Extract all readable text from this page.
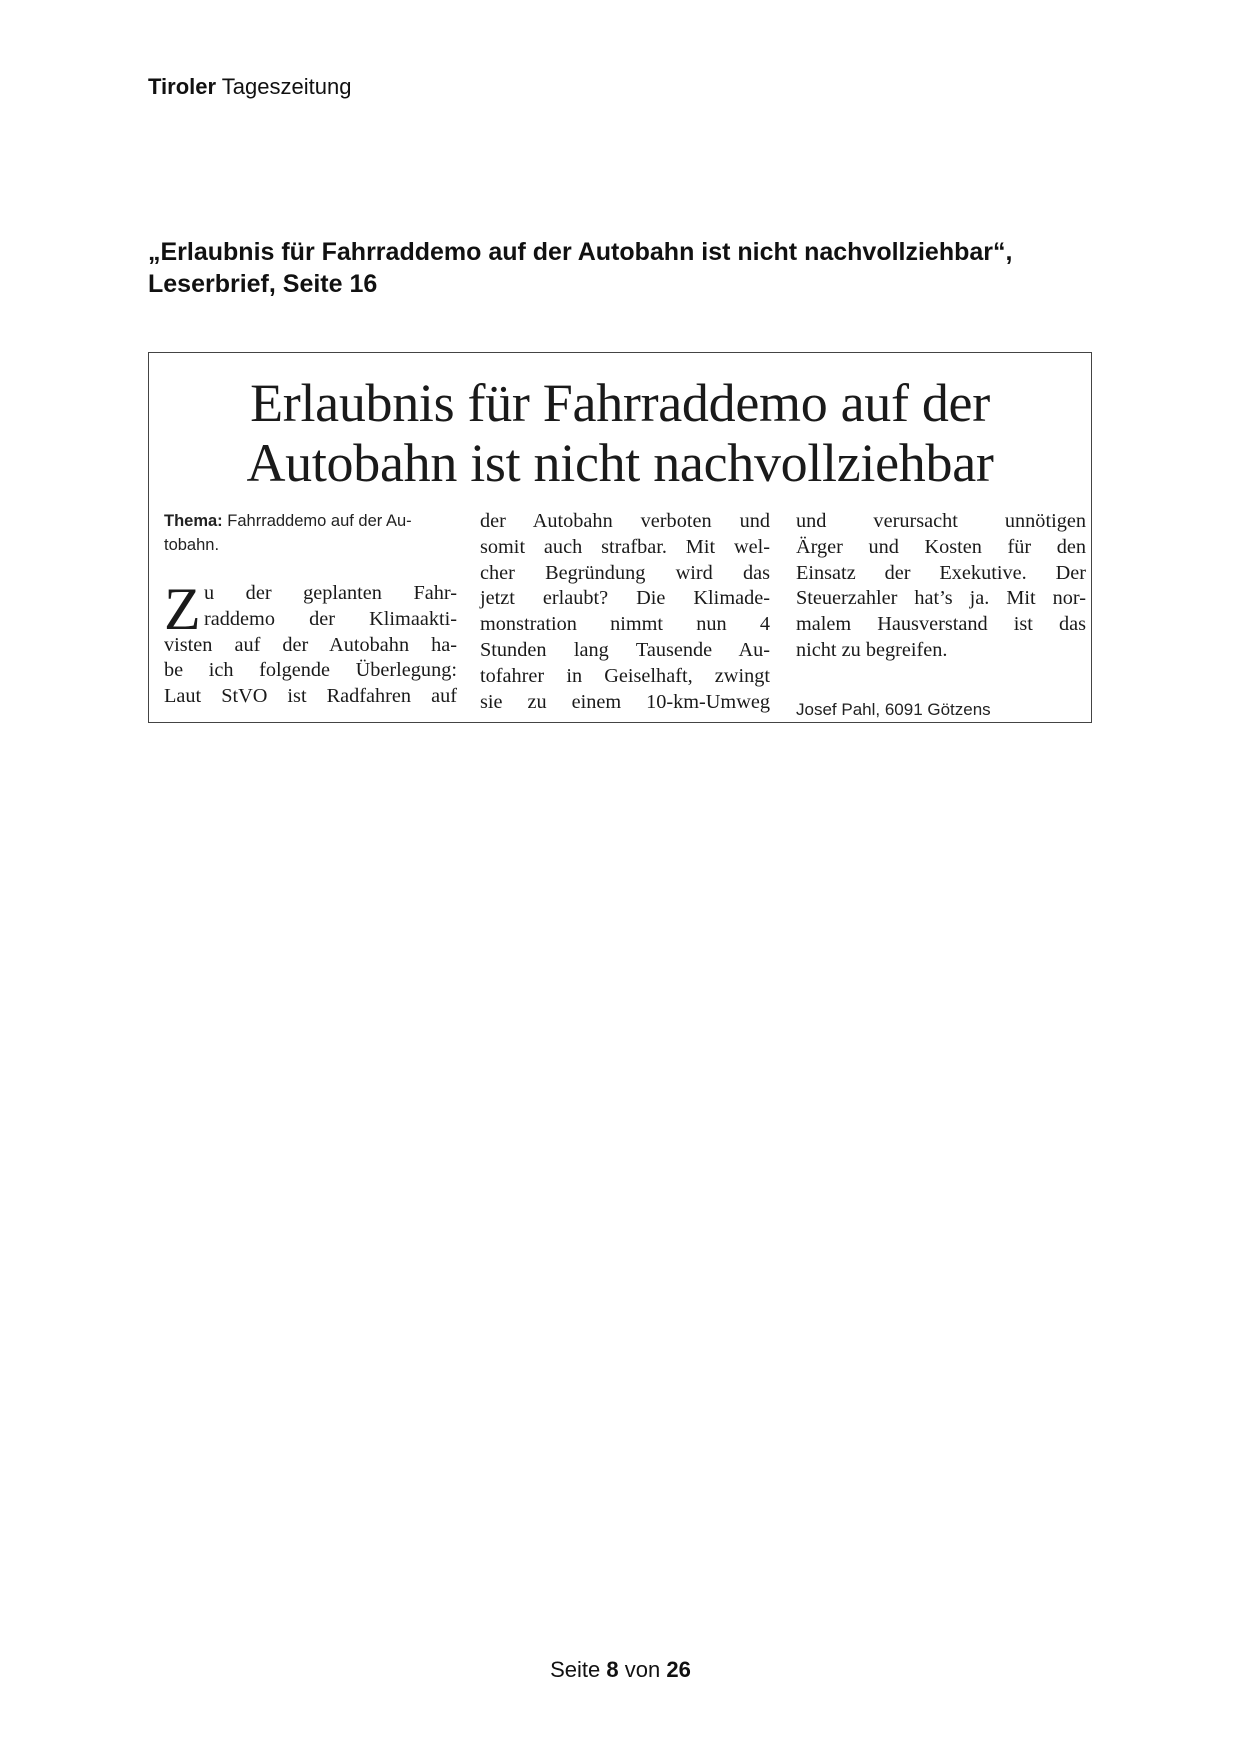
Tiroler Tageszeitung
„Erlaubnis für Fahrraddemo auf der Autobahn ist nicht nachvollziehbar“,
Leserbrief, Seite 16
Erlaubnis für Fahrraddemo auf der
Autobahn ist nicht nachvollziehbar
Thema: Fahrraddemo auf der Au-
tobahn.
Z u der geplanten Fahr-
raddemo der Klimaakti-
visten auf der Autobahn ha-
be ich folgende Überlegung:
Laut StVO ist Radfahren auf
der Autobahn verboten und
somit auch strafbar. Mit wel-
cher Begründung wird das
jetzt erlaubt? Die Klimade-
monstration nimmt nun 4
Stunden lang Tausende Au-
tofahrer in Geiselhaft, zwingt
sie zu einem 10-km-Umweg
und verursacht unnötigen
Ärger und Kosten für den
Einsatz der Exekutive. Der
Steuerzahler hat’s ja. Mit nor-
malem Hausverstand ist das
nicht zu begreifen.
Josef Pahl, 6091 Götzens
Seite 8 von 26
